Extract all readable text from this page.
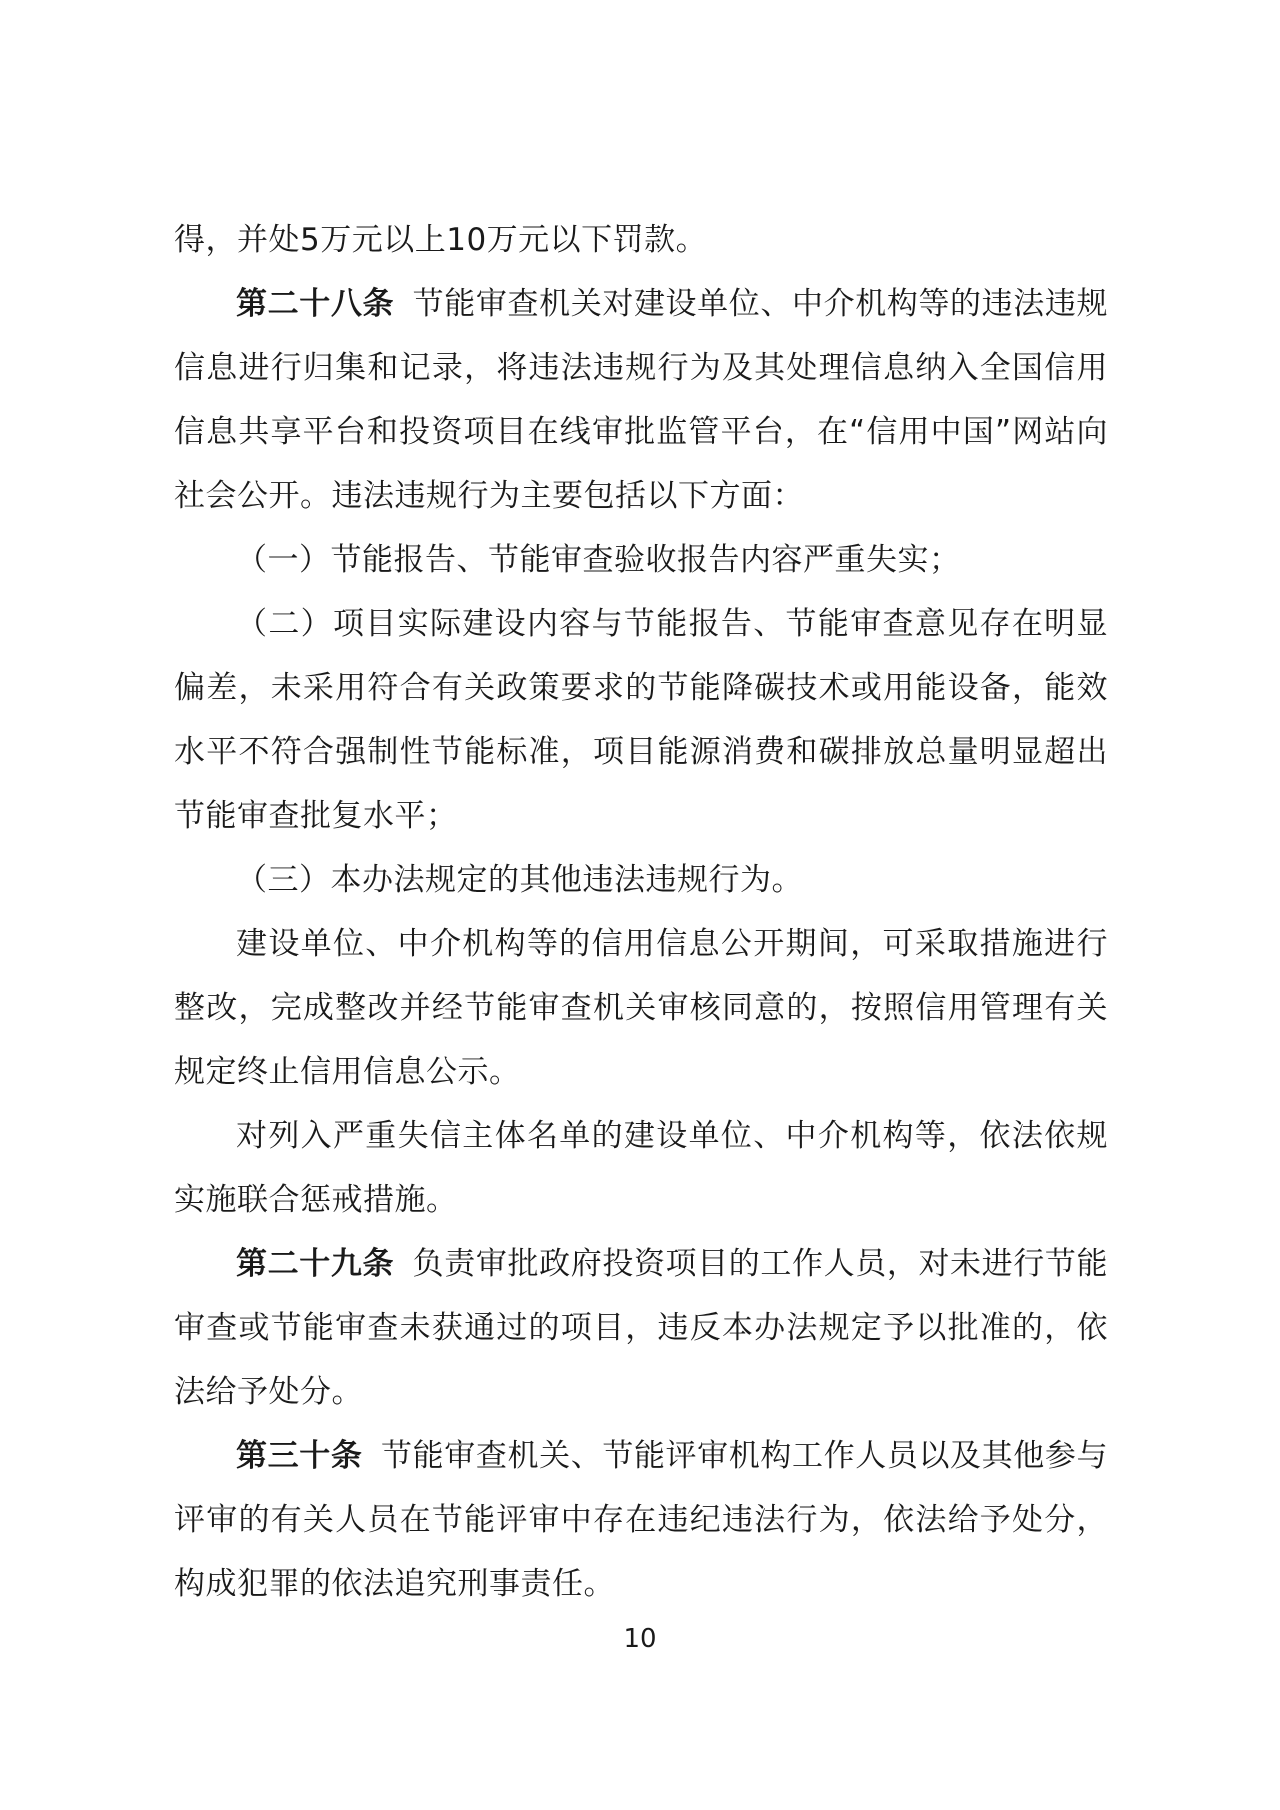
得，并处5万元以上10万元以下罚款。

第二十八条 节能审查机关对建设单位、中介机构等的违法违规信息进行归集和记录，将违法违规行为及其处理信息纳入全国信用信息共享平台和投资项目在线审批监管平台，在“信用中国”网站向社会公开。违法违规行为主要包括以下方面：

（一）节能报告、节能审查验收报告内容严重失实；

（二）项目实际建设内容与节能报告、节能审查意见存在明显偏差，未采用符合有关政策要求的节能降碳技术或用能设备，能效水平不符合强制性节能标准，项目能源消费和碳排放总量明显超出节能审查批复水平；

（三）本办法规定的其他违法违规行为。

建设单位、中介机构等的信用信息公开期间，可采取措施进行整改，完成整改并经节能审查机关审核同意的，按照信用管理有关规定终止信用信息公示。

对列入严重失信主体名单的建设单位、中介机构等，依法依规实施联合惩戒措施。

第二十九条 负责审批政府投资项目的工作人员，对未进行节能审查或节能审查未获通过的项目，违反本办法规定予以批准的，依法给予处分。

第三十条 节能审查机关、节能评审机构工作人员以及其他参与评审的有关人员在节能评审中存在违纪违法行为，依法给予处分，构成犯罪的依法追究刑事责任。

10
